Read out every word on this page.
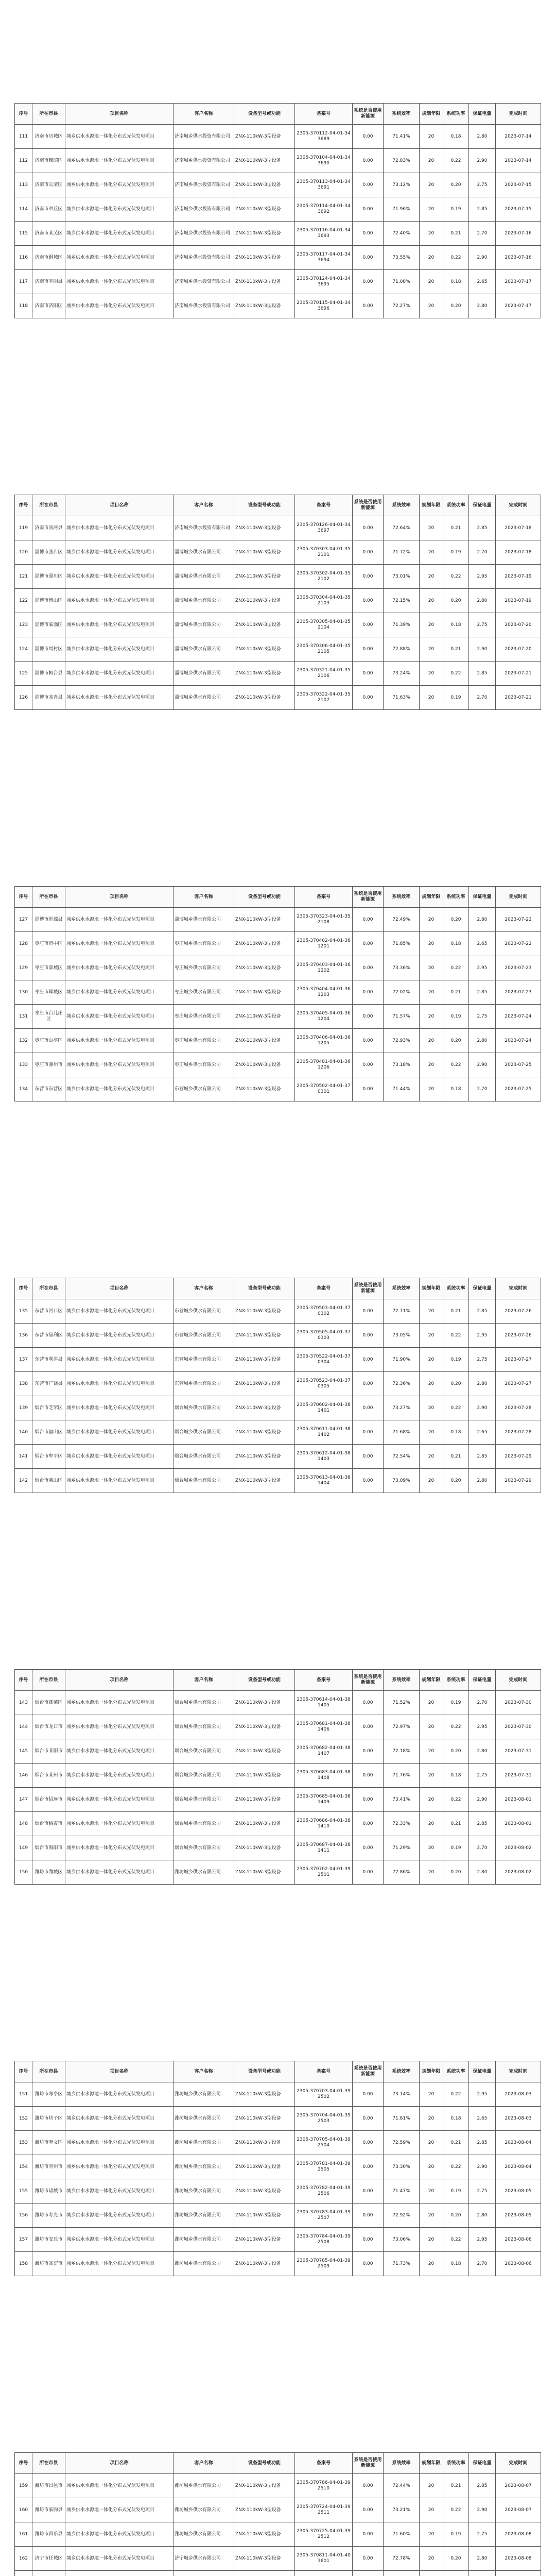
序号	所在市县	项目名称	客户名称	设备型号或功能	备案号	系统是否使用新能源	系统效率	规划年限	系统功率	保证电量	完成时间
111	济南市历城区	城乡供水水源地一体化分布式光伏发电项目	济南城乡供水投资有限公司	ZNX-110kW-3型设备	2305-370112-04-01-343689	0.00	71.41%	20	0.18	2.80	2023-07-14
112	济南市槐荫区	城乡供水水源地一体化分布式光伏发电项目	济南城乡供水投资有限公司	ZNX-110kW-3型设备	2305-370104-04-01-343690	0.00	72.83%	20	0.22	2.90	2023-07-14
113	济南市长清区	城乡供水水源地一体化分布式光伏发电项目	济南城乡供水投资有限公司	ZNX-110kW-3型设备	2305-370113-04-01-343691	0.00	73.12%	20	0.20	2.75	2023-07-15
114	济南市章丘区	城乡供水水源地一体化分布式光伏发电项目	济南城乡供水投资有限公司	ZNX-110kW-3型设备	2305-370114-04-01-343692	0.00	71.96%	20	0.19	2.85	2023-07-15
115	济南市莱芜区	城乡供水水源地一体化分布式光伏发电项目	济南城乡供水投资有限公司	ZNX-110kW-3型设备	2305-370116-04-01-343693	0.00	72.40%	20	0.21	2.70	2023-07-16
116	济南市钢城区	城乡供水水源地一体化分布式光伏发电项目	济南城乡供水投资有限公司	ZNX-110kW-3型设备	2305-370117-04-01-343694	0.00	73.55%	20	0.22	2.90	2023-07-16
117	济南市平阴县	城乡供水水源地一体化分布式光伏发电项目	济南城乡供水投资有限公司	ZNX-110kW-3型设备	2305-370124-04-01-343695	0.00	71.08%	20	0.18	2.65	2023-07-17
118	济南市济阳区	城乡供水水源地一体化分布式光伏发电项目	济南城乡供水投资有限公司	ZNX-110kW-3型设备	2305-370115-04-01-343696	0.00	72.27%	20	0.20	2.80	2023-07-17
序号	所在市县	项目名称	客户名称	设备型号或功能	备案号	系统是否使用新能源	系统效率	规划年限	系统功率	保证电量	完成时间
119	济南市商河县	城乡供水水源地一体化分布式光伏发电项目	济南城乡供水投资有限公司	ZNX-110kW-3型设备	2305-370126-04-01-343697	0.00	72.64%	20	0.21	2.85	2023-07-18
120	淄博市张店区	城乡供水水源地一体化分布式光伏发电项目	淄博城乡供水有限公司	ZNX-110kW-3型设备	2305-370303-04-01-352101	0.00	71.72%	20	0.19	2.70	2023-07-18
121	淄博市淄川区	城乡供水水源地一体化分布式光伏发电项目	淄博城乡供水有限公司	ZNX-110kW-3型设备	2305-370302-04-01-352102	0.00	73.01%	20	0.22	2.95	2023-07-19
122	淄博市博山区	城乡供水水源地一体化分布式光伏发电项目	淄博城乡供水有限公司	ZNX-110kW-3型设备	2305-370304-04-01-352103	0.00	72.15%	20	0.20	2.80	2023-07-19
123	淄博市临淄区	城乡供水水源地一体化分布式光伏发电项目	淄博城乡供水有限公司	ZNX-110kW-3型设备	2305-370305-04-01-352104	0.00	71.39%	20	0.18	2.75	2023-07-20
124	淄博市周村区	城乡供水水源地一体化分布式光伏发电项目	淄博城乡供水有限公司	ZNX-110kW-3型设备	2305-370306-04-01-352105	0.00	72.88%	20	0.21	2.90	2023-07-20
125	淄博市桓台县	城乡供水水源地一体化分布式光伏发电项目	淄博城乡供水有限公司	ZNX-110kW-3型设备	2305-370321-04-01-352106	0.00	73.24%	20	0.22	2.85	2023-07-21
126	淄博市高青县	城乡供水水源地一体化分布式光伏发电项目	淄博城乡供水有限公司	ZNX-110kW-3型设备	2305-370322-04-01-352107	0.00	71.63%	20	0.19	2.70	2023-07-21
序号	所在市县	项目名称	客户名称	设备型号或功能	备案号	系统是否使用新能源	系统效率	规划年限	系统功率	保证电量	完成时间
127	淄博市沂源县	城乡供水水源地一体化分布式光伏发电项目	淄博城乡供水有限公司	ZNX-110kW-3型设备	2305-370323-04-01-352108	0.00	72.49%	20	0.20	2.80	2023-07-22
128	枣庄市市中区	城乡供水水源地一体化分布式光伏发电项目	枣庄城乡供水有限公司	ZNX-110kW-3型设备	2305-370402-04-01-361201	0.00	71.85%	20	0.18	2.65	2023-07-22
129	枣庄市薛城区	城乡供水水源地一体化分布式光伏发电项目	枣庄城乡供水有限公司	ZNX-110kW-3型设备	2305-370403-04-01-361202	0.00	73.36%	20	0.22	2.95	2023-07-23
130	枣庄市峄城区	城乡供水水源地一体化分布式光伏发电项目	枣庄城乡供水有限公司	ZNX-110kW-3型设备	2305-370404-04-01-361203	0.00	72.02%	20	0.21	2.85	2023-07-23
131	枣庄市台儿庄区	城乡供水水源地一体化分布式光伏发电项目	枣庄城乡供水有限公司	ZNX-110kW-3型设备	2305-370405-04-01-361204	0.00	71.57%	20	0.19	2.75	2023-07-24
132	枣庄市山亭区	城乡供水水源地一体化分布式光伏发电项目	枣庄城乡供水有限公司	ZNX-110kW-3型设备	2305-370406-04-01-361205	0.00	72.93%	20	0.20	2.80	2023-07-24
133	枣庄市滕州市	城乡供水水源地一体化分布式光伏发电项目	枣庄城乡供水有限公司	ZNX-110kW-3型设备	2305-370481-04-01-361206	0.00	73.18%	20	0.22	2.90	2023-07-25
134	东营市东营区	城乡供水水源地一体化分布式光伏发电项目	东营城乡供水有限公司	ZNX-110kW-3型设备	2305-370502-04-01-370301	0.00	71.44%	20	0.18	2.70	2023-07-25
序号	所在市县	项目名称	客户名称	设备型号或功能	备案号	系统是否使用新能源	系统效率	规划年限	系统功率	保证电量	完成时间
135	东营市河口区	城乡供水水源地一体化分布式光伏发电项目	东营城乡供水有限公司	ZNX-110kW-3型设备	2305-370503-04-01-370302	0.00	72.71%	20	0.21	2.85	2023-07-26
136	东营市垦利区	城乡供水水源地一体化分布式光伏发电项目	东营城乡供水有限公司	ZNX-110kW-3型设备	2305-370505-04-01-370303	0.00	73.05%	20	0.22	2.95	2023-07-26
137	东营市利津县	城乡供水水源地一体化分布式光伏发电项目	东营城乡供水有限公司	ZNX-110kW-3型设备	2305-370522-04-01-370304	0.00	71.90%	20	0.19	2.75	2023-07-27
138	东营市广饶县	城乡供水水源地一体化分布式光伏发电项目	东营城乡供水有限公司	ZNX-110kW-3型设备	2305-370523-04-01-370305	0.00	72.36%	20	0.20	2.80	2023-07-27
139	烟台市芝罘区	城乡供水水源地一体化分布式光伏发电项目	烟台城乡供水有限公司	ZNX-110kW-3型设备	2305-370602-04-01-381401	0.00	73.27%	20	0.22	2.90	2023-07-28
140	烟台市福山区	城乡供水水源地一体化分布式光伏发电项目	烟台城乡供水有限公司	ZNX-110kW-3型设备	2305-370611-04-01-381402	0.00	71.68%	20	0.18	2.65	2023-07-28
141	烟台市牟平区	城乡供水水源地一体化分布式光伏发电项目	烟台城乡供水有限公司	ZNX-110kW-3型设备	2305-370612-04-01-381403	0.00	72.54%	20	0.21	2.85	2023-07-29
142	烟台市莱山区	城乡供水水源地一体化分布式光伏发电项目	烟台城乡供水有限公司	ZNX-110kW-3型设备	2305-370613-04-01-381404	0.00	73.09%	20	0.20	2.80	2023-07-29
序号	所在市县	项目名称	客户名称	设备型号或功能	备案号	系统是否使用新能源	系统效率	规划年限	系统功率	保证电量	完成时间
143	烟台市蓬莱区	城乡供水水源地一体化分布式光伏发电项目	烟台城乡供水有限公司	ZNX-110kW-3型设备	2305-370614-04-01-381405	0.00	71.52%	20	0.19	2.70	2023-07-30
144	烟台市龙口市	城乡供水水源地一体化分布式光伏发电项目	烟台城乡供水有限公司	ZNX-110kW-3型设备	2305-370681-04-01-381406	0.00	72.97%	20	0.22	2.95	2023-07-30
145	烟台市莱阳市	城乡供水水源地一体化分布式光伏发电项目	烟台城乡供水有限公司	ZNX-110kW-3型设备	2305-370682-04-01-381407	0.00	72.18%	20	0.20	2.80	2023-07-31
146	烟台市莱州市	城乡供水水源地一体化分布式光伏发电项目	烟台城乡供水有限公司	ZNX-110kW-3型设备	2305-370683-04-01-381408	0.00	71.76%	20	0.18	2.75	2023-07-31
147	烟台市招远市	城乡供水水源地一体化分布式光伏发电项目	烟台城乡供水有限公司	ZNX-110kW-3型设备	2305-370685-04-01-381409	0.00	73.41%	20	0.22	2.90	2023-08-01
148	烟台市栖霞市	城乡供水水源地一体化分布式光伏发电项目	烟台城乡供水有限公司	ZNX-110kW-3型设备	2305-370686-04-01-381410	0.00	72.33%	20	0.21	2.85	2023-08-01
149	烟台市海阳市	城乡供水水源地一体化分布式光伏发电项目	烟台城乡供水有限公司	ZNX-110kW-3型设备	2305-370687-04-01-381411	0.00	71.29%	20	0.19	2.70	2023-08-02
150	潍坊市潍城区	城乡供水水源地一体化分布式光伏发电项目	潍坊城乡供水有限公司	ZNX-110kW-3型设备	2305-370702-04-01-392501	0.00	72.86%	20	0.20	2.80	2023-08-02
序号	所在市县	项目名称	客户名称	设备型号或功能	备案号	系统是否使用新能源	系统效率	规划年限	系统功率	保证电量	完成时间
151	潍坊市寒亭区	城乡供水水源地一体化分布式光伏发电项目	潍坊城乡供水有限公司	ZNX-110kW-3型设备	2305-370703-04-01-392502	0.00	73.14%	20	0.22	2.95	2023-08-03
152	潍坊市坊子区	城乡供水水源地一体化分布式光伏发电项目	潍坊城乡供水有限公司	ZNX-110kW-3型设备	2305-370704-04-01-392503	0.00	71.81%	20	0.18	2.65	2023-08-03
153	潍坊市奎文区	城乡供水水源地一体化分布式光伏发电项目	潍坊城乡供水有限公司	ZNX-110kW-3型设备	2305-370705-04-01-392504	0.00	72.59%	20	0.21	2.85	2023-08-04
154	潍坊市青州市	城乡供水水源地一体化分布式光伏发电项目	潍坊城乡供水有限公司	ZNX-110kW-3型设备	2305-370781-04-01-392505	0.00	73.30%	20	0.22	2.90	2023-08-04
155	潍坊市诸城市	城乡供水水源地一体化分布式光伏发电项目	潍坊城乡供水有限公司	ZNX-110kW-3型设备	2305-370782-04-01-392506	0.00	71.47%	20	0.19	2.75	2023-08-05
156	潍坊市寿光市	城乡供水水源地一体化分布式光伏发电项目	潍坊城乡供水有限公司	ZNX-110kW-3型设备	2305-370783-04-01-392507	0.00	72.92%	20	0.20	2.80	2023-08-05
157	潍坊市安丘市	城乡供水水源地一体化分布式光伏发电项目	潍坊城乡供水有限公司	ZNX-110kW-3型设备	2305-370784-04-01-392508	0.00	73.06%	20	0.22	2.95	2023-08-06
158	潍坊市高密市	城乡供水水源地一体化分布式光伏发电项目	潍坊城乡供水有限公司	ZNX-110kW-3型设备	2305-370785-04-01-392509	0.00	71.73%	20	0.18	2.70	2023-08-06
序号	所在市县	项目名称	客户名称	设备型号或功能	备案号	系统是否使用新能源	系统效率	规划年限	系统功率	保证电量	完成时间
159	潍坊市昌邑市	城乡供水水源地一体化分布式光伏发电项目	潍坊城乡供水有限公司	ZNX-110kW-3型设备	2305-370786-04-01-392510	0.00	72.44%	20	0.21	2.85	2023-08-07
160	潍坊市临朐县	城乡供水水源地一体化分布式光伏发电项目	潍坊城乡供水有限公司	ZNX-110kW-3型设备	2305-370724-04-01-392511	0.00	73.21%	20	0.22	2.90	2023-08-07
161	潍坊市昌乐县	城乡供水水源地一体化分布式光伏发电项目	潍坊城乡供水有限公司	ZNX-110kW-3型设备	2305-370725-04-01-392512	0.00	71.60%	20	0.19	2.75	2023-08-08
162	济宁市任城区	城乡供水水源地一体化分布式光伏发电项目	济宁城乡供水有限公司	ZNX-110kW-3型设备	2305-370811-04-01-403601	0.00	72.78%	20	0.20	2.80	2023-08-08
